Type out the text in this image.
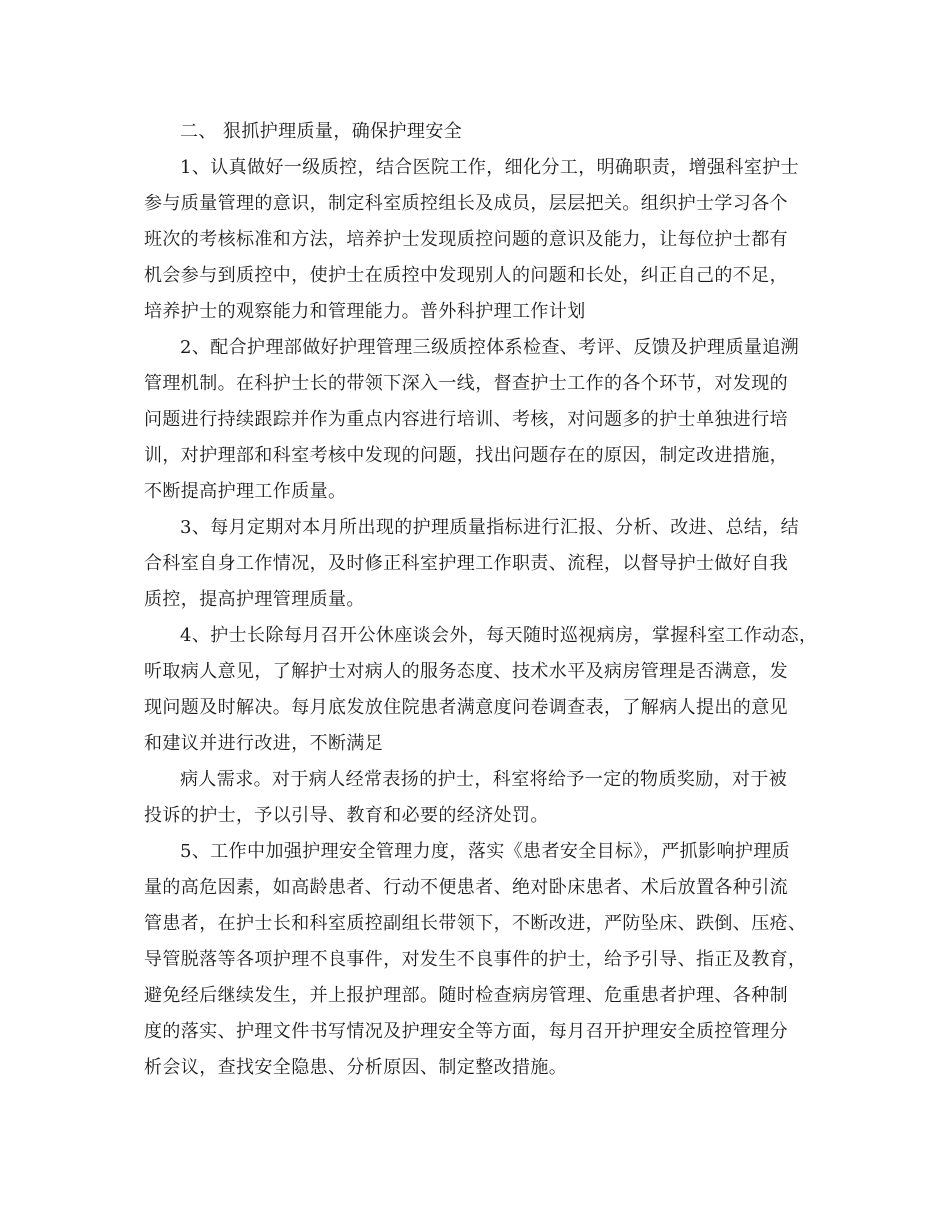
二、 狠抓护理质量，确保护理安全
1、认真做好一级质控，结合医院工作，细化分工，明确职责，增强科室护士
参与质量管理的意识，制定科室质控组长及成员，层层把关。组织护士学习各个
班次的考核标准和方法，培养护士发现质控问题的意识及能力，让每位护士都有
机会参与到质控中，使护士在质控中发现别人的问题和长处，纠正自己的不足，
培养护士的观察能力和管理能力。普外科护理工作计划
2、配合护理部做好护理管理三级质控体系检查、考评、反馈及护理质量追溯
管理机制。在科护士长的带领下深入一线，督查护士工作的各个环节，对发现的
问题进行持续跟踪并作为重点内容进行培训、考核，对问题多的护士单独进行培
训，对护理部和科室考核中发现的问题，找出问题存在的原因，制定改进措施，
不断提高护理工作质量。
3、每月定期对本月所出现的护理质量指标进行汇报、分析、改进、总结，结
合科室自身工作情况，及时修正科室护理工作职责、流程，以督导护士做好自我
质控，提高护理管理质量。
4、护士长除每月召开公休座谈会外，每天随时巡视病房，掌握科室工作动态，
听取病人意见，了解护士对病人的服务态度、技术水平及病房管理是否满意，发
现问题及时解决。每月底发放住院患者满意度问卷调查表，了解病人提出的意见
和建议并进行改进，不断满足
病人需求。对于病人经常表扬的护士，科室将给予一定的物质奖励，对于被
投诉的护士，予以引导、教育和必要的经济处罚。
5、工作中加强护理安全管理力度，落实《患者安全目标》，严抓影响护理质
量的高危因素，如高龄患者、行动不便患者、绝对卧床患者、术后放置各种引流
管患者，在护士长和科室质控副组长带领下，不断改进，严防坠床、跌倒、压疮、
导管脱落等各项护理不良事件，对发生不良事件的护士，给予引导、指正及教育，
避免经后继续发生，并上报护理部。随时检查病房管理、危重患者护理、各种制
度的落实、护理文件书写情况及护理安全等方面，每月召开护理安全质控管理分
析会议，查找安全隐患、分析原因、制定整改措施。
